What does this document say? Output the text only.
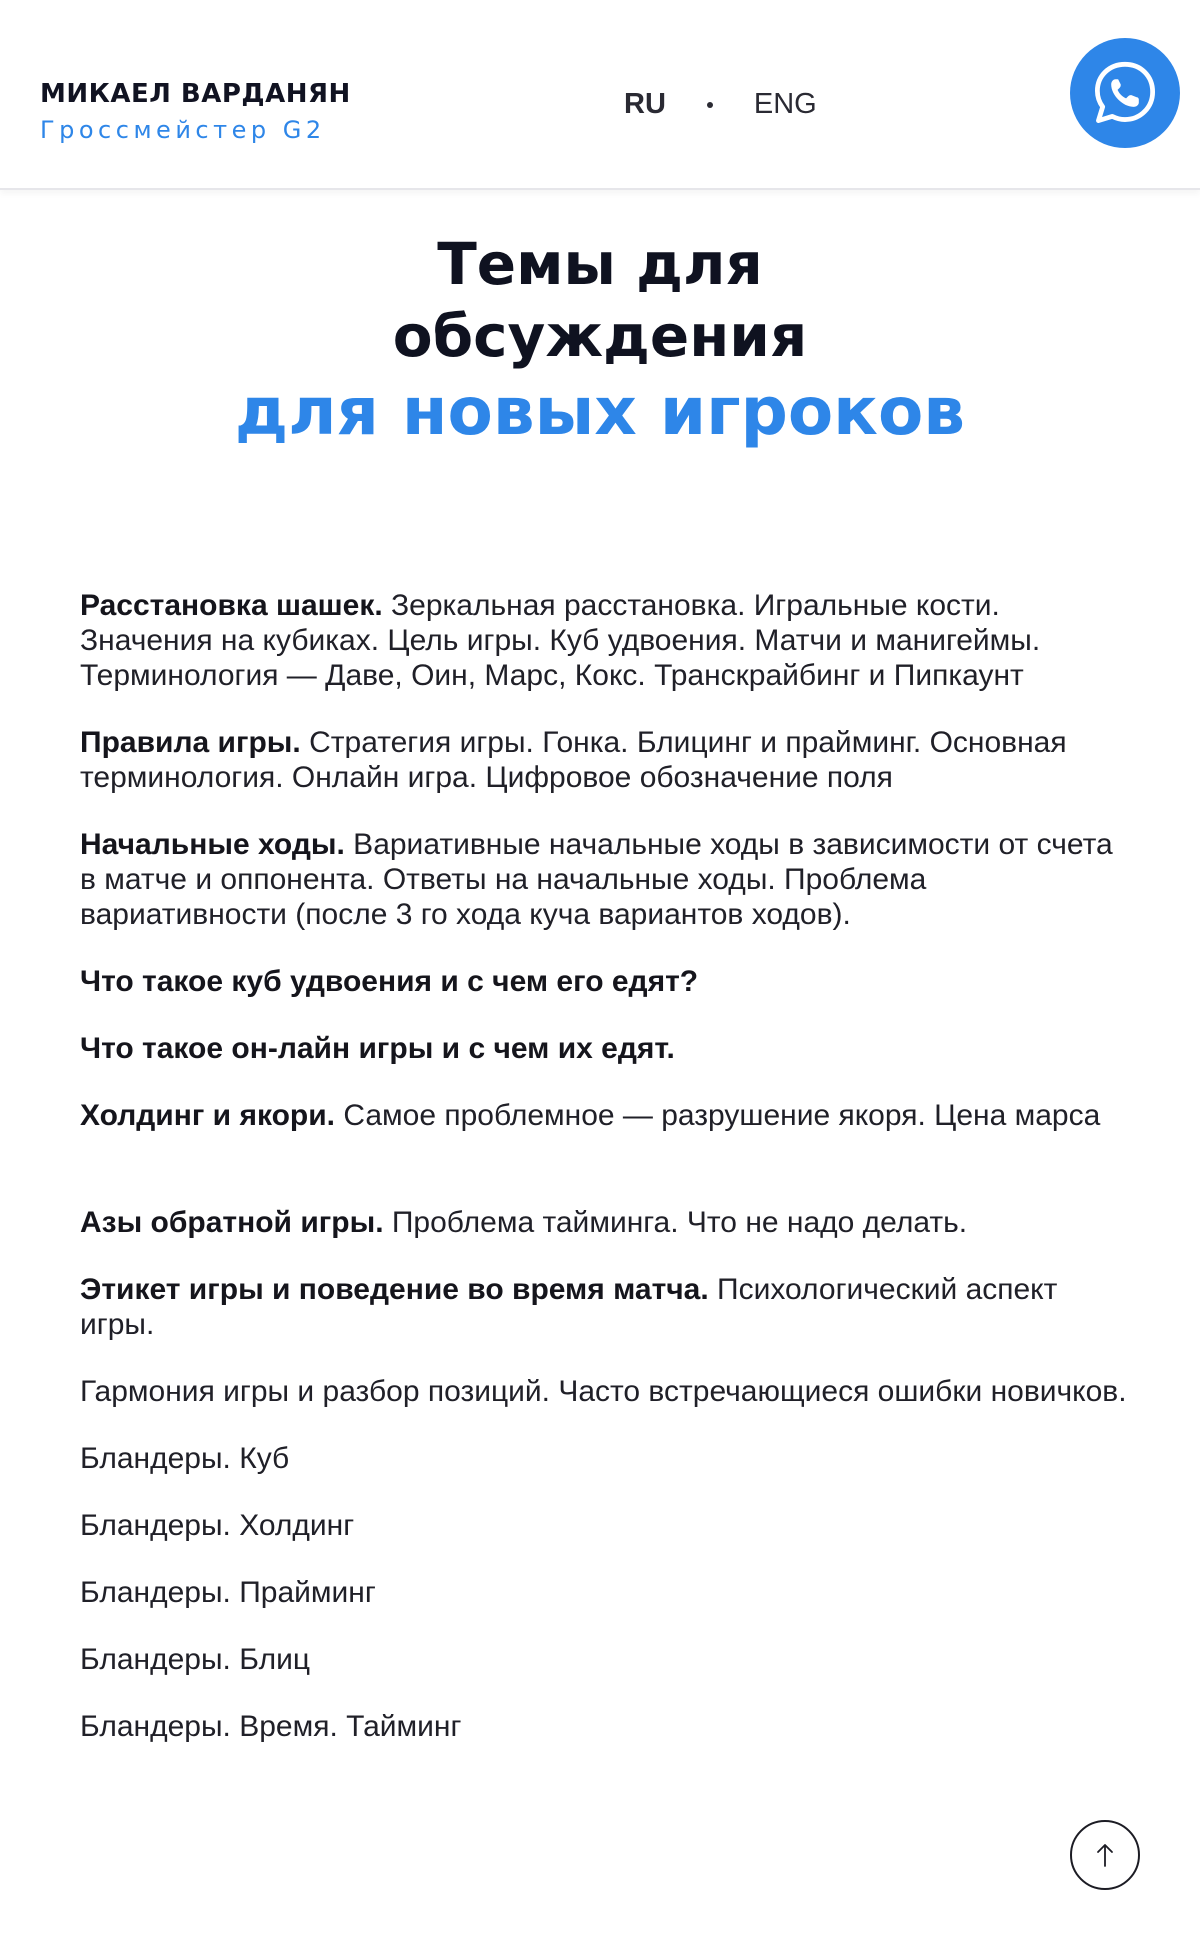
МИКАЕЛ ВАРДАНЯН
Гроссмейстер G2
RU	ENG
Темы для
обсуждения
для новых игроков

Расстановка шашек. Зеркальная расстановка. Игральные кости. Значения на кубиках. Цель игры. Куб удвоения. Матчи и манигеймы. Терминология — Даве, Оин, Марс, Кокс. Транскрайбинг и Пипкаунт

Правила игры. Стратегия игры. Гонка. Блицинг и прайминг. Основная терминология. Онлайн игра. Цифровое обозначение поля

Начальные ходы. Вариативные начальные ходы в зависимости от счета в матче и оппонента. Ответы на начальные ходы. Проблема вариативности (после 3 го хода куча вариантов ходов).

Что такое куб удвоения и с чем его едят?

Что такое он-лайн игры и с чем их едят.

Холдинг и якори. Самое проблемное — разрушение якоря. Цена марса

Азы обратной игры. Проблема тайминга. Что не надо делать.

Этикет игры и поведение во время матча. Психологический аспект игры.

Гармония игры и разбор позиций. Часто встречающиеся ошибки новичков.

Бландеры. Куб

Бландеры. Холдинг

Бландеры. Прайминг

Бландеры. Блиц

Бландеры. Время. Тайминг
